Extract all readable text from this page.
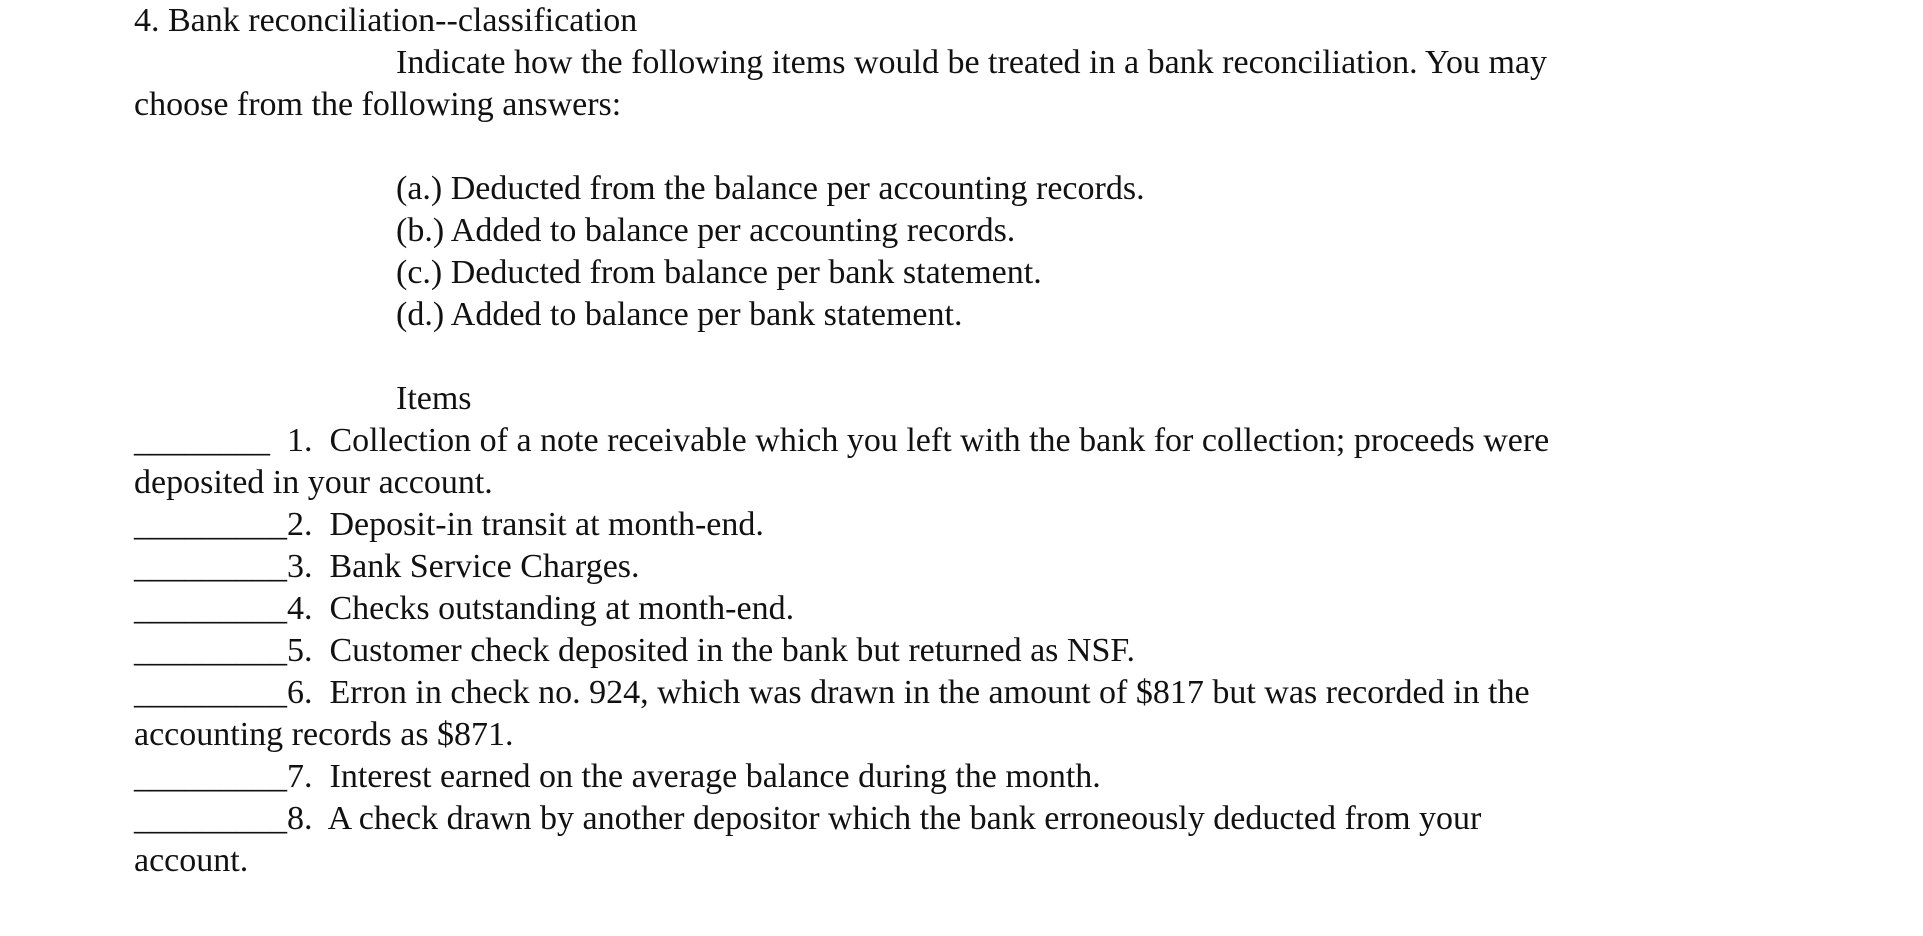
4. Bank reconciliation--classification
Indicate how the following items would be treated in a bank reconciliation. You may
choose from the following answers:
(a.) Deducted from the balance per accounting records.
(b.) Added to balance per accounting records.
(c.) Deducted from balance per bank statement.
(d.) Added to balance per bank statement.
Items
________  1.  Collection of a note receivable which you left with the bank for collection; proceeds were
deposited in your account.
_________2.  Deposit-in transit at month-end.
_________3.  Bank Service Charges.
_________4.  Checks outstanding at month-end.
_________5.  Customer check deposited in the bank but returned as NSF.
_________6.  Erron in check no. 924, which was drawn in the amount of $817 but was recorded in the
accounting records as $871.
_________7.  Interest earned on the average balance during the month.
_________8.  A check drawn by another depositor which the bank erroneously deducted from your
account.
